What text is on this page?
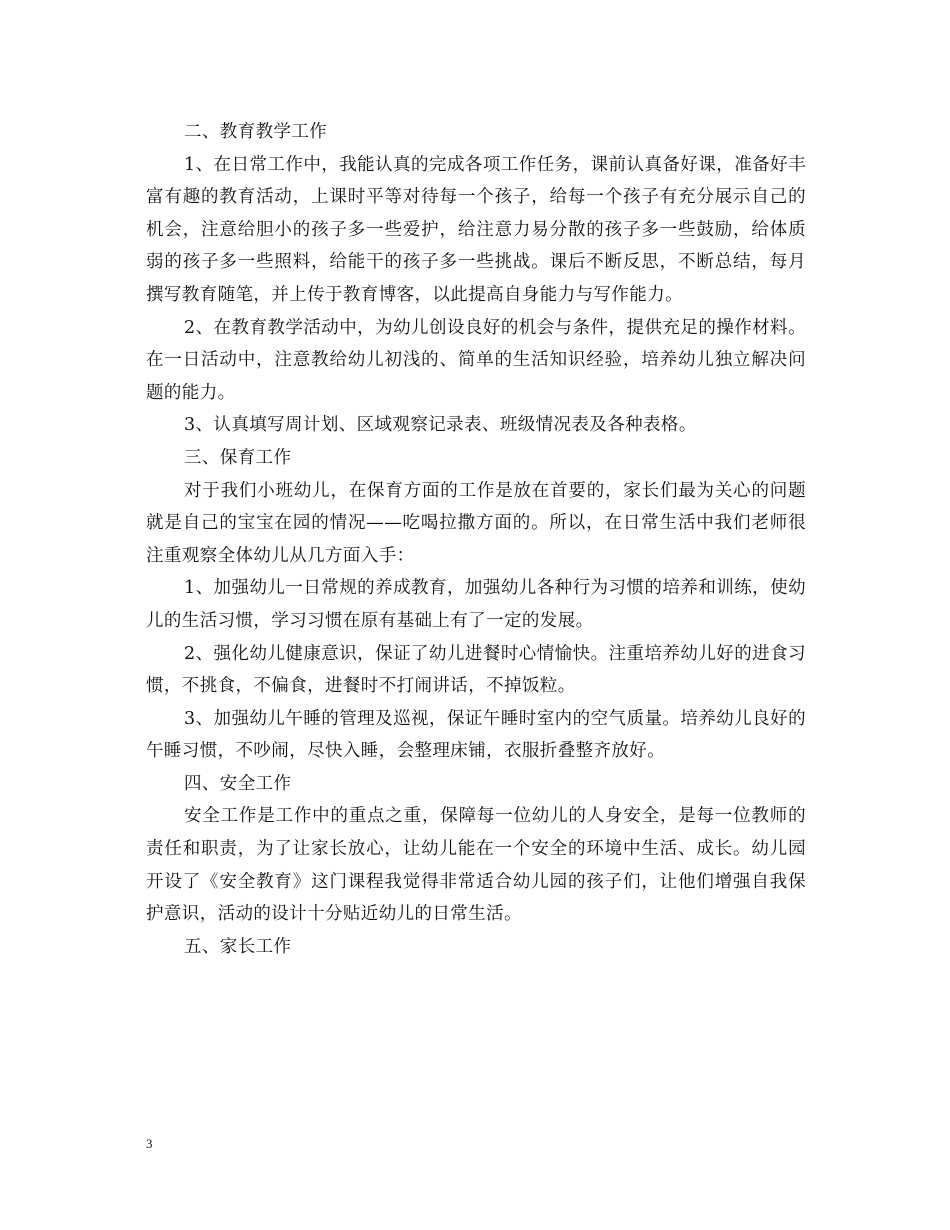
二、教育教学工作

1、在日常工作中，我能认真的完成各项工作任务，课前认真备好课，准备好丰富有趣的教育活动，上课时平等对待每一个孩子，给每一个孩子有充分展示自己的机会，注意给胆小的孩子多一些爱护，给注意力易分散的孩子多一些鼓励，给体质弱的孩子多一些照料，给能干的孩子多一些挑战。课后不断反思，不断总结，每月撰写教育随笔，并上传于教育博客，以此提高自身能力与写作能力。

2、在教育教学活动中，为幼儿创设良好的机会与条件，提供充足的操作材料。在一日活动中，注意教给幼儿初浅的、简单的生活知识经验，培养幼儿独立解决问题的能力。

3、认真填写周计划、区域观察记录表、班级情况表及各种表格。

三、保育工作

对于我们小班幼儿，在保育方面的工作是放在首要的，家长们最为关心的问题就是自己的宝宝在园的情况——吃喝拉撒方面的。所以，在日常生活中我们老师很注重观察全体幼儿从几方面入手：

1、加强幼儿一日常规的养成教育，加强幼儿各种行为习惯的培养和训练，使幼儿的生活习惯，学习习惯在原有基础上有了一定的发展。

2、强化幼儿健康意识，保证了幼儿进餐时心情愉快。注重培养幼儿好的进食习惯，不挑食，不偏食，进餐时不打闹讲话，不掉饭粒。

3、加强幼儿午睡的管理及巡视，保证午睡时室内的空气质量。培养幼儿良好的午睡习惯，不吵闹，尽快入睡，会整理床铺，衣服折叠整齐放好。

四、安全工作

安全工作是工作中的重点之重，保障每一位幼儿的人身安全，是每一位教师的责任和职责，为了让家长放心，让幼儿能在一个安全的环境中生活、成长。幼儿园开设了《安全教育》这门课程我觉得非常适合幼儿园的孩子们，让他们增强自我保护意识，活动的设计十分贴近幼儿的日常生活。

五、家长工作

3
